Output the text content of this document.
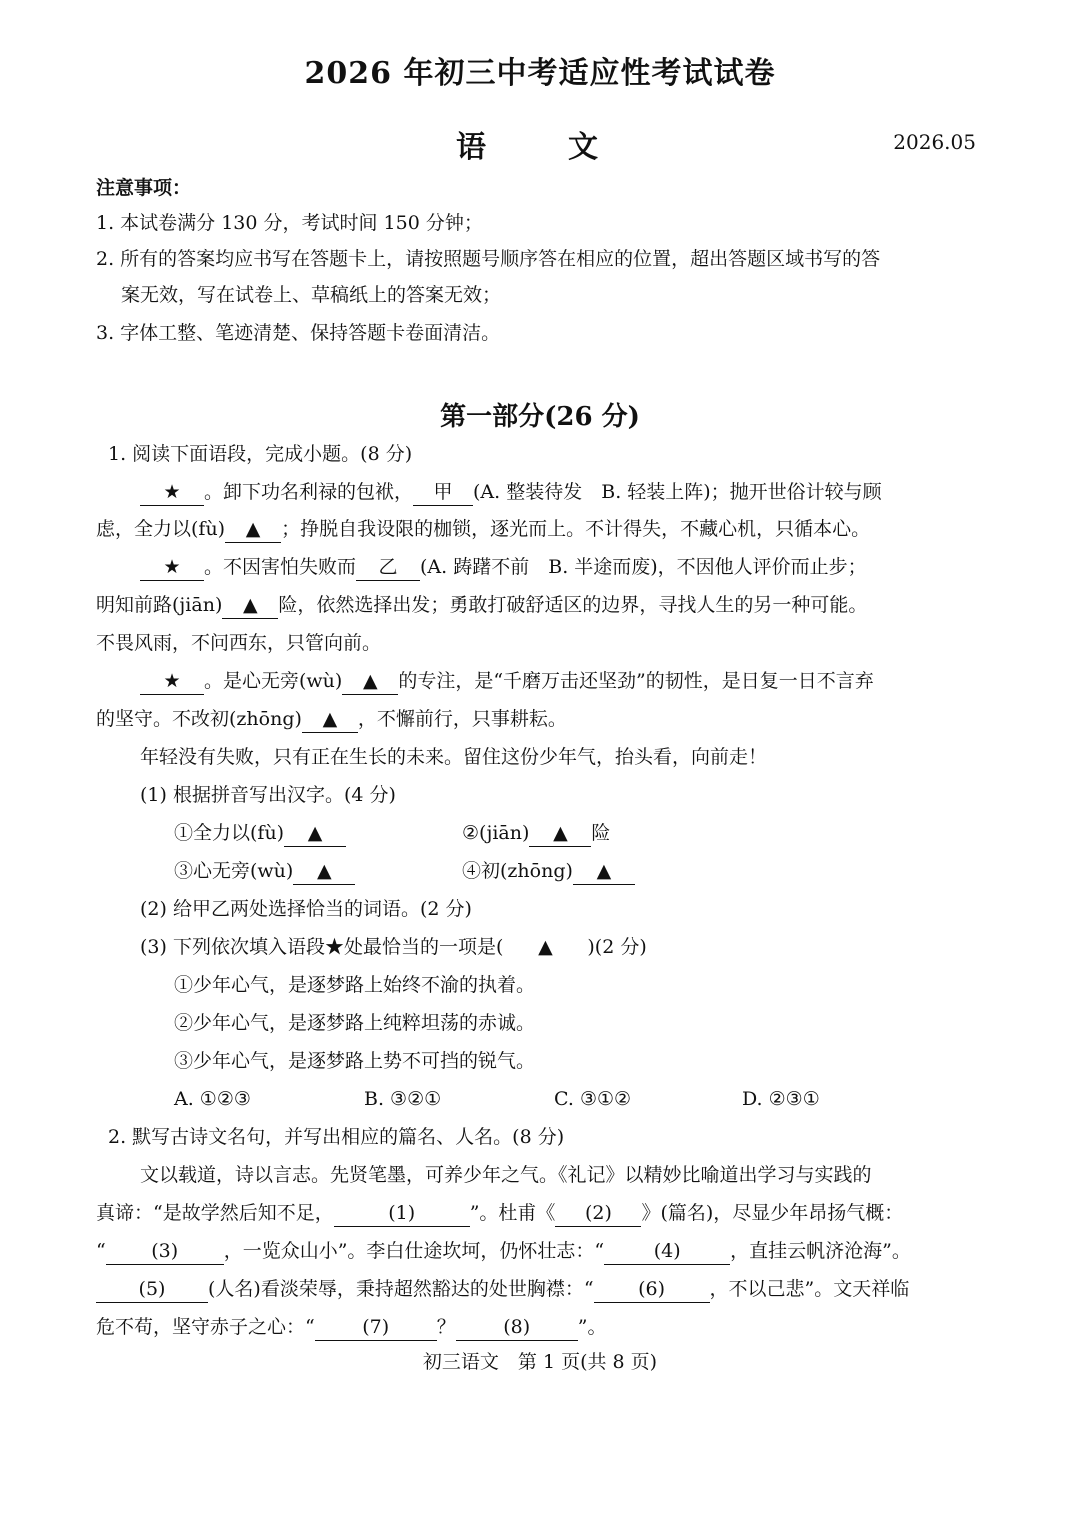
2026 年初三中考适应性考试试卷
语　文	2026.05
注意事项：
1. 本试卷满分 130 分，考试时间 150 分钟；
2. 所有的答案均应书写在答题卡上，请按照题号顺序答在相应的位置，超出答题区域书写的答
案无效，写在试卷上、草稿纸上的答案无效；
3. 字体工整、笔迹清楚、保持答题卡卷面清洁。
第一部分(26 分)
1. 阅读下面语段，完成小题。(8 分)
★ 。卸下功名利禄的包袱， 甲 (A. 整装待发　B. 轻装上阵)；抛开世俗计较与顾
虑，全力以(fù) ▲ ；挣脱自我设限的枷锁，逐光而上。不计得失，不藏心机，只循本心。
★ 。不因害怕失败而 乙 (A. 踌躇不前　B. 半途而废)，不因他人评价而止步；
明知前路(jiān) ▲ 险，依然选择出发；勇敢打破舒适区的边界，寻找人生的另一种可能。
不畏风雨，不问西东，只管向前。
★ 。是心无旁(wù) ▲ 的专注，是“千磨万击还坚劲”的韧性，是日复一日不言弃
的坚守。不改初(zhōng) ▲ ，不懈前行，只事耕耘。
年轻没有失败，只有正在生长的未来。留住这份少年气，抬头看，向前走！
(1) 根据拼音写出汉字。(4 分)
①全力以(fù) ▲	②(jiān) ▲ 险
③心无旁(wù) ▲	④初(zhōng) ▲
(2) 给甲乙两处选择恰当的词语。(2 分)
(3) 下列依次填入语段★处最恰当的一项是( ▲ )(2 分)
①少年心气，是逐梦路上始终不渝的执着。
②少年心气，是逐梦路上纯粹坦荡的赤诚。
③少年心气，是逐梦路上势不可挡的锐气。
A. ①②③	B. ③②①	C. ③①②	D. ②③①
2. 默写古诗文名句，并写出相应的篇名、人名。(8 分)
文以载道，诗以言志。先贤笔墨，可养少年之气。《礼记》以精妙比喻道出学习与实践的
真谛：“是故学然后知不足，	(1)	”。杜甫《 (2) 》(篇名)，尽显少年昂扬气概：
“ (3) ，一览众山小”。李白仕途坎坷，仍怀壮志：“	(4)	，直挂云帆济沧海”。
(5) (人名)看淡荣辱，秉持超然豁达的处世胸襟：“ (6) ，不以己悲”。文天祥临
危不苟，坚守赤子之心：“	(7)	？	(8)	”。
初三语文　第 1 页(共 8 页)
